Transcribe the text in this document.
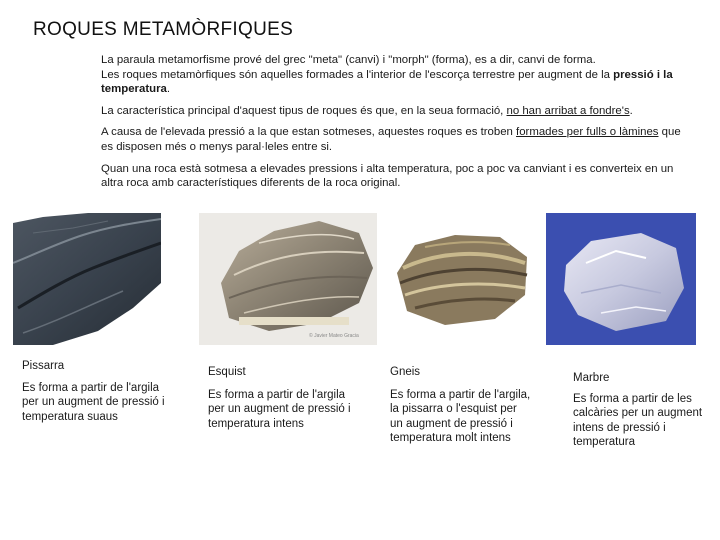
ROQUES METAMÒRFIQUES

La paraula metamorfisme prové del grec "meta" (canvi) i "morph" (forma), es a dir, canvi de forma.

Les roques metamòrfiques són aquelles formades a l'interior de l'escorça terrestre per augment de la pressió i la temperatura.

La característica principal d'aquest tipus de roques és que, en la seua formació, no han arribat a fondre's.

A causa de l'elevada pressió a la que estan sotmeses, aquestes roques es troben formades per fulls o làmines que es disposen més o menys paral·leles entre si.

Quan una roca està sotmesa a elevades pressions i alta temperatura, poc a poc va canviant i es converteix en un altra roca amb característiques diferents de la roca original.

© Javier Mateo Gracia
Pissarra
Es forma a partir de l'argila per un augment de pressió i temperatura suaus
Esquist
Es forma a partir de l'argila per un augment de pressió i temperatura intens
Gneis
Es forma a partir de l'argila, la pissarra o l'esquist per un augment de pressió i temperatura molt intens
Marbre
Es forma a partir de les calcàries per un augment intens de pressió i temperatura
